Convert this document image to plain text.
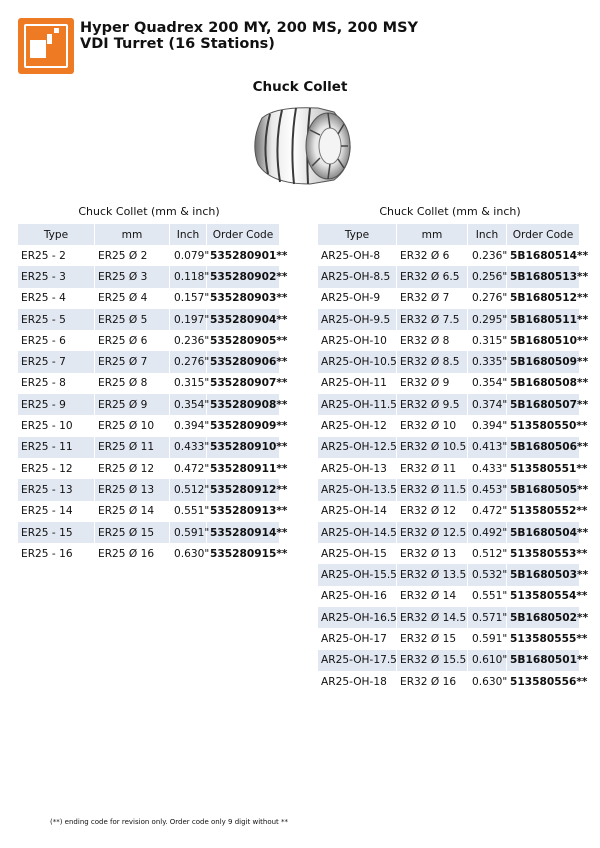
Hyper Quadrex 200 MY, 200 MS, 200 MSY
VDI Turret (16 Stations)
Chuck Collet
Chuck Collet (mm & inch)	Chuck Collet (mm & inch)
Type	mm	Inch	Order Code
ER25 - 2	ER25 Ø 2	0.079"	535280901**
ER25 - 3	ER25 Ø 3	0.118"	535280902**
ER25 - 4	ER25 Ø 4	0.157"	535280903**
ER25 - 5	ER25 Ø 5	0.197"	535280904**
ER25 - 6	ER25 Ø 6	0.236"	535280905**
ER25 - 7	ER25 Ø 7	0.276"	535280906**
ER25 - 8	ER25 Ø 8	0.315"	535280907**
ER25 - 9	ER25 Ø 9	0.354"	535280908**
ER25 - 10	ER25 Ø 10	0.394"	535280909**
ER25 - 11	ER25 Ø 11	0.433"	535280910**
ER25 - 12	ER25 Ø 12	0.472"	535280911**
ER25 - 13	ER25 Ø 13	0.512"	535280912**
ER25 - 14	ER25 Ø 14	0.551"	535280913**
ER25 - 15	ER25 Ø 15	0.591"	535280914**
ER25 - 16	ER25 Ø 16	0.630"	535280915**
Type	mm	Inch	Order Code
AR25-OH-8	ER32 Ø 6	0.236"	5B1680514**
AR25-OH-8.5	ER32 Ø 6.5	0.256"	5B1680513**
AR25-OH-9	ER32 Ø 7	0.276"	5B1680512**
AR25-OH-9.5	ER32 Ø 7.5	0.295"	5B1680511**
AR25-OH-10	ER32 Ø 8	0.315"	5B1680510**
AR25-OH-10.5	ER32 Ø 8.5	0.335"	5B1680509**
AR25-OH-11	ER32 Ø 9	0.354"	5B1680508**
AR25-OH-11.5	ER32 Ø 9.5	0.374"	5B1680507**
AR25-OH-12	ER32 Ø 10	0.394"	513580550**
AR25-OH-12.5	ER32 Ø 10.5	0.413"	5B1680506**
AR25-OH-13	ER32 Ø 11	0.433"	513580551**
AR25-OH-13.5	ER32 Ø 11.5	0.453"	5B1680505**
AR25-OH-14	ER32 Ø 12	0.472"	513580552**
AR25-OH-14.5	ER32 Ø 12.5	0.492"	5B1680504**
AR25-OH-15	ER32 Ø 13	0.512"	513580553**
AR25-OH-15.5	ER32 Ø 13.5	0.532"	5B1680503**
AR25-OH-16	ER32 Ø 14	0.551"	513580554**
AR25-OH-16.5	ER32 Ø 14.5	0.571"	5B1680502**
AR25-OH-17	ER32 Ø 15	0.591"	513580555**
AR25-OH-17.5	ER32 Ø 15.5	0.610"	5B1680501**
AR25-OH-18	ER32 Ø 16	0.630"	513580556**
(**) ending code for revision only. Order code only 9 digit without **
